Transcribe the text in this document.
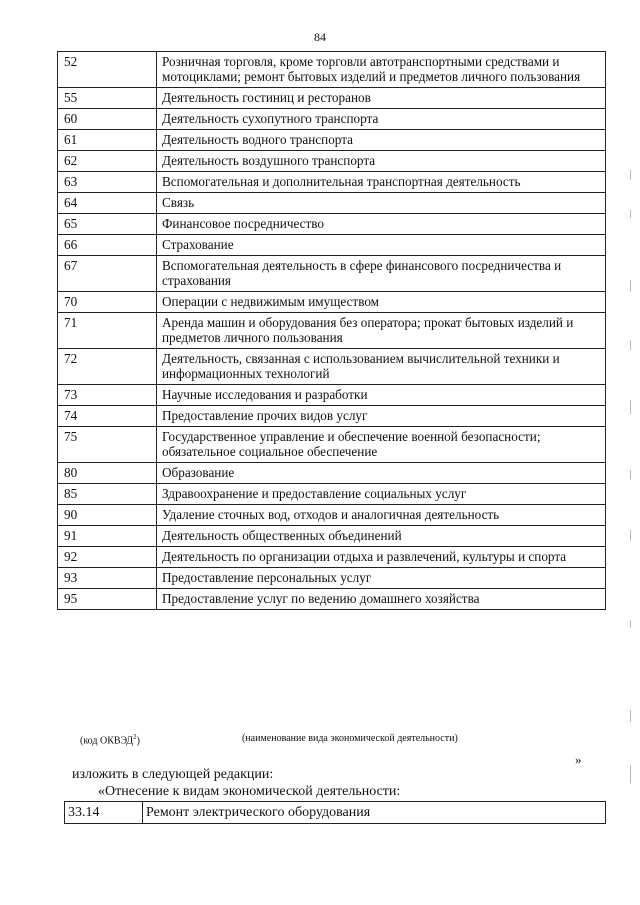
84
52	Розничная торговля, кроме торговли автотранспортными средствами и мотоциклами; ремонт бытовых изделий и предметов личного пользования
55	Деятельность гостиниц и ресторанов
60	Деятельность сухопутного транспорта
61	Деятельность водного транспорта
62	Деятельность воздушного транспорта
63	Вспомогательная и дополнительная транспортная деятельность
64	Связь
65	Финансовое посредничество
66	Страхование
67	Вспомогательная деятельность в сфере финансового посредничества и страхования
70	Операции с недвижимым имуществом
71	Аренда машин и оборудования без оператора; прокат бытовых изделий и предметов личного пользования
72	Деятельность, связанная с использованием вычислительной техники и информационных технологий
73	Научные исследования и разработки
74	Предоставление прочих видов услуг
75	Государственное управление и обеспечение военной безопасности; обязательное социальное обеспечение
80	Образование
85	Здравоохранение и предоставление социальных услуг
90	Удаление сточных вод, отходов и аналогичная деятельность
91	Деятельность общественных объединений
92	Деятельность по организации отдыха и развлечений, культуры и спорта
93	Предоставление персональных услуг
95	Предоставление услуг по ведению домашнего хозяйства
(код ОКВЭД$^2$)	(наименование вида экономической деятельности)
»
изложить в следующей редакции:
«Отнесение к видам экономической деятельности:
33.14	Ремонт электрического оборудования
